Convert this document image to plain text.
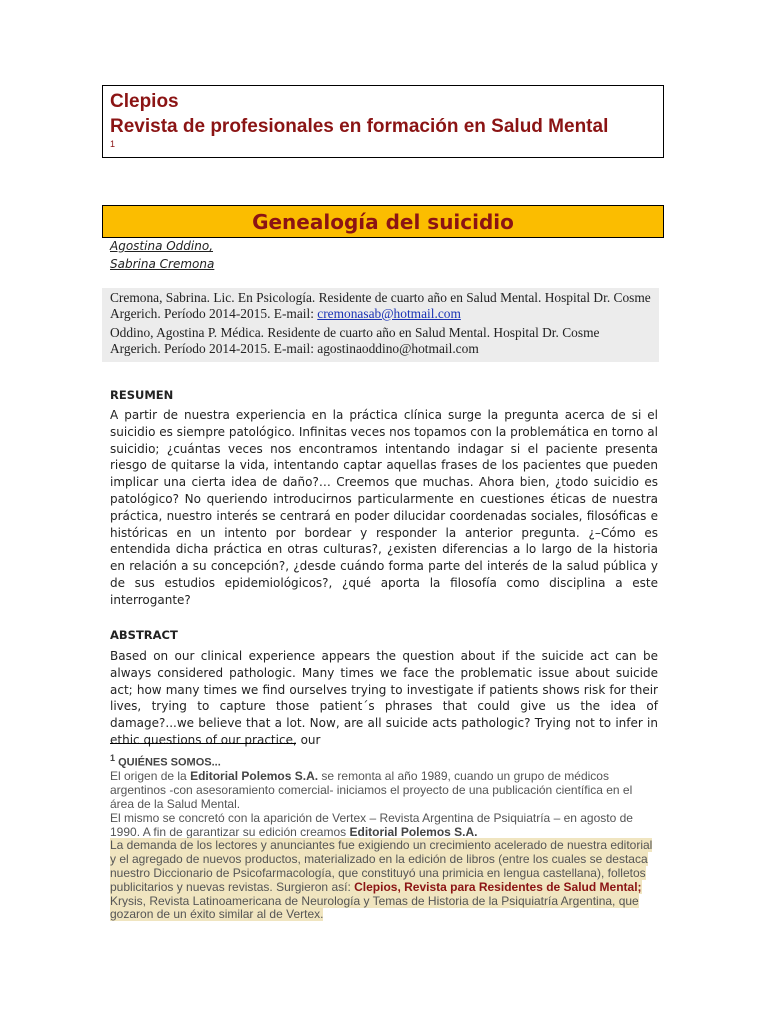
Clepios
Revista de profesionales en formación en Salud Mental
1
Genealogía del suicidio
Agostina Oddino,
Sabrina Cremona

Cremona, Sabrina. Lic. En Psicología. Residente de cuarto año en Salud Mental. Hospital Dr. Cosme Argerich. Período 2014-2015. E-mail: cremonasab@hotmail.com

Oddino, Agostina P. Médica. Residente de cuarto año en Salud Mental. Hospital Dr. Cosme Argerich. Período 2014-2015. E-mail: agostinaoddino@hotmail.com

RESUMEN

A partir de nuestra experiencia en la práctica clínica surge la pregunta acerca de si el suicidio es siempre patológico. Infinitas veces nos topamos con la problemática en torno al suicidio; ¿cuántas veces nos encontramos intentando indagar si el paciente presenta riesgo de quitarse la vida, intentando captar aquellas frases de los pacientes que pueden implicar una cierta idea de daño?… Creemos que muchas. Ahora bien, ¿todo suicidio es patológico? No queriendo introducirnos particularmente en cuestiones éticas de nuestra práctica, nuestro interés se centrará en poder dilucidar coordenadas sociales, filosóficas e históricas en un intento por bordear y responder la anterior pregunta. ¿–Cómo es entendida dicha práctica en otras culturas?, ¿existen diferencias a lo largo de la historia en relación a su concepción?, ¿desde cuándo forma parte del interés de la salud pública y de sus estudios epidemiológicos?, ¿qué aporta la filosofía como disciplina a este interrogante?

ABSTRACT

Based on our clinical experience appears the question about if the suicide act can be always considered pathologic. Many times we face the problematic issue about suicide act; how many times we find ourselves trying to investigate if patients shows risk for their lives, trying to capture those patient´s phrases that could give us the idea of damage?...we believe that a lot. Now, are all suicide acts pathologic? Trying not to infer in ethic questions of our practice, our

$^1$ QUIÉNES SOMOS...

El origen de la Editorial Polemos S.A. se remonta al año 1989, cuando un grupo de médicos argentinos -con asesoramiento comercial- iniciamos el proyecto de una publicación científica en el área de la Salud Mental.

El mismo se concretó con la aparición de Vertex – Revista Argentina de Psiquiatría – en agosto de 1990. A fin de garantizar su edición creamos Editorial Polemos S.A.

La demanda de los lectores y anunciantes fue exigiendo un crecimiento acelerado de nuestra editorial y el agregado de nuevos productos, materializado en la edición de libros (entre los cuales se destaca nuestro Diccionario de Psicofarmacología, que constituyó una primicia en lengua castellana), folletos publicitarios y nuevas revistas. Surgieron así: Clepios, Revista para Residentes de Salud Mental; Krysis, Revista Latinoamericana de Neurología y Temas de Historia de la Psiquiatría Argentina, que gozaron de un éxito similar al de Vertex.
